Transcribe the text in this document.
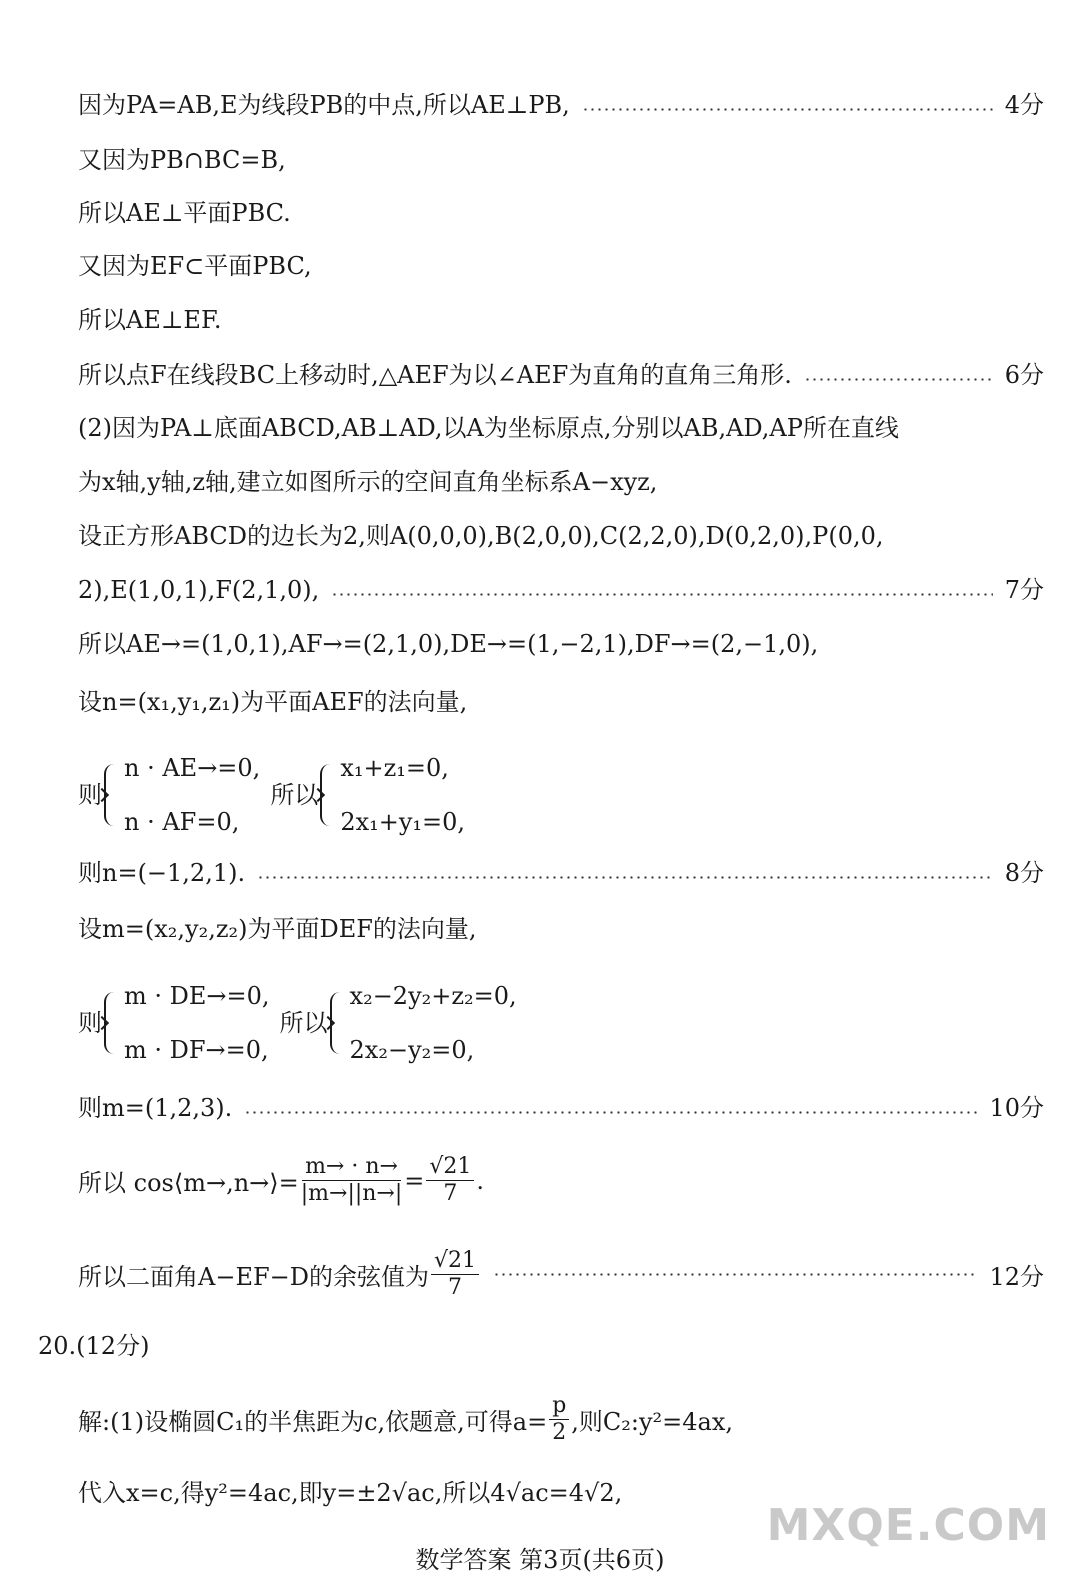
因为PA=AB,E为线段PB的中点,所以AE⊥PB,	4分
又因为PB∩BC=B,
所以AE⊥平面PBC.
又因为EF⊂平面PBC,
所以AE⊥EF.
所以点F在线段BC上移动时,△AEF为以∠AEF为直角的直角三角形.	6分
(2)因为PA⊥底面ABCD,AB⊥AD,以A为坐标原点,分别以AB,AD,AP所在直线
为x轴,y轴,z轴,建立如图所示的空间直角坐标系A−xyz,
设正方形ABCD的边长为2,则A(0,0,0),B(2,0,0),C(2,2,0),D(0,2,0),P(0,0,
2),E(1,0,1),F(2,1,0),	7分
所以AE→=(1,0,1),AF→=(2,1,0),DE→=(1,−2,1),DF→=(2,−1,0),
设n=(x₁,y₁,z₁)为平面AEF的法向量,
则
n · AE→=0,
n · AF=0,
所以
x₁+z₁=0,
2x₁+y₁=0,
则n=(−1,2,1).	8分
设m=(x₂,y₂,z₂)为平面DEF的法向量,
则
m · DE→=0,
m · DF→=0,
所以
x₂−2y₂+z₂=0,
2x₂−y₂=0,
则m=(1,2,3).	10分
所以 cos⟨m→,n→⟩= $\frac{m\to \cdot n\to}{|m\to||n\to|} = \frac{√21}{7}$ .
所以二面角A−EF−D的余弦值为 $\frac{√21}{7}$	12分
20.(12分)
解:(1)设椭圆C₁的半焦距为c,依题意,可得$a= \frac{p}{2}$ ,则C₂:y²=4ax,
代入x=c,得y²=4ac,即y=±2√ac,所以4√ac=4√2,
MXQE.COM
数学答案 第3页(共6页)
